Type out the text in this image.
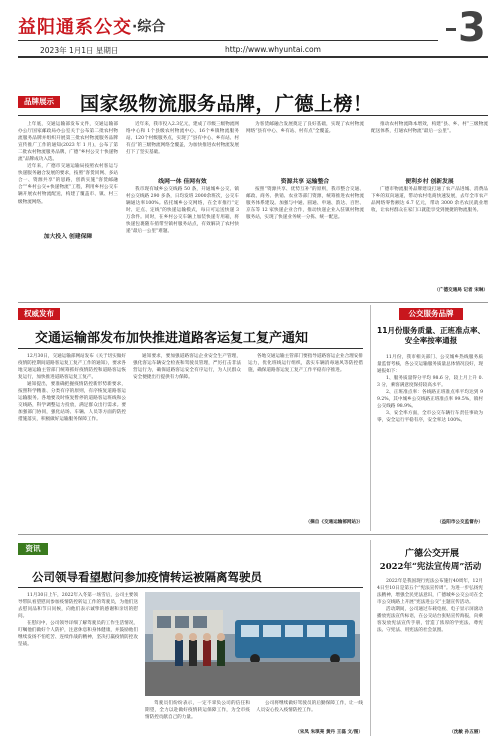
益阳通系公交 ·综合	3
2023年 1月1日 星期日	http://www.whyuntai.com
品牌展示	国家级物流服务品牌，广德上榜！

上年底，交通运输部发布文件，交通运输部办公厅国家邮政局办公室关于公布第二批农村物流服务品牌并组织开展第三批农村物流服务品牌宣传推广工作的通知(2023 年 1 月)，公布了第二批农村物流服务品牌，广德“乡村公交十快递物流”品牌成功入选。

近年来，广德市交通运输局按照农村客运与快递服务融合发展的要求，按照“客货同网、多站合一、资源共享”的思路，创新实施“客货邮融合”“乡村公交+快递物流”工程，利用乡村公交车辆开展农村物流配送，构建了覆盖市、镇、村三级物流网络。

加大投入 创建保障

近年来，我市投入2.3亿元，建成了市级三级物流网络中心和 1个县级农村物流中心、16个乡镇物流服务站、120个村级服务点，实现了“县有中心、乡有站、村有点”的三级物流网络全覆盖，为加快推进农村物流发展打下了坚实基础。

线网一体 佳网有效

我市现有城乡公交线路 50 条，开通城乡公交、镇村公交线路 290 多条，日均发班 2000余班次，公交车辆通达率100%。依托城乡公交网络，在全市推行“定时、定点、定线”的快递运输模式，每日可运送快递 3 万余件。同时，在乡村公交车辆上加装快递专用箱，将快递包裹随车捎带至镇村服务站点，有效解决了农村快递“最后一公里”难题。

资源共享 运输整合

为客货邮融合发展奠定了良好基础，实现了农村物流网络“县有中心、乡有站、村有点”全覆盖。

按照“资源共享、优势互补”的原则，我市整合交通、邮政、商务、供销、农业等部门资源，统筹推进农村物流服务体系建设。加强与中通、圆通、申通、韵达、百世、京东等 12 家快递企业合作，推动快递企业入驻镇村物流服务站，实现了快递业务统一分拣、统一配送。

推动农村物流降本增效，构建“县、乡、村”三级物流配送体系，打通农村物流“最后一公里”。

便利乡村 创新发展

广德市物流服务品牌建设打通了农产品进城、消费品下乡的双向通道，带动农村电商快速发展，去年全市农产品网络零售额达 6.7 亿元，带动 3000 余名农民就业增收，让农村群众在家门口就能享受到便捷的物流服务。

（广德交通局 记者 宋琳）
权威发布
交通运输部发布加快推进道路客运复工复产通知

12月30日，交通运输部网站发布《关于切实做好疫情防控期间道路客运复工复产工作的通知》，要求各地交通运输主管部门统筹抓好疫情防控和道路客运恢复运行，加快推进道路客运复工复产。

通知提出，要准确把握疫情防控新形势新要求，按照科学精准、分类有序的原则，有序恢复道路客运运输服务。各地要及时恢复暂停的道路客运班线和公交线路，科学调整运力投放，满足群众出行需求。要加强部门协同，强化站场、车辆、人员等方面的防控措施落实，积极做好运输服务保障工作。

通知要求，要加强道路客运企业安全生产管理，强化客运车辆安全检查和驾驶员管理，严厉打击非法营运行为，确保道路客运安全有序运行，为人民群众安全便捷出行提供有力保障。

各地交通运输主管部门要指导道路客运企业合理安排运力，优化班线运行组织，落实车辆消毒通风等防控措施，确保道路客运复工复产工作平稳有序推进。

（摘自《交通运输部网站》）
公交服务品牌
11月份服务质量、正班准点率、安全率按率通报

11月份，我市相关部门、公交城乡热线服务质量监督考核，各公交运输服务质量总体情况良好，现通报如下：

1、服务质量得分平均 98.6 分，较上月上升 0.3 分，乘客满意度保持较高水平。

2、正班准点率：各线路正班准点率平均达到 99.2%，其中城乡公交线路正班准点率 99.5%，镇村公交线路 98.9%。

3、安全率方面，全市公交车辆行车责任事故为零，安全运行平稳有序，安全率达 100%。

（益阳市公交监督办）
资讯
公司领导看望慰问参加疫情转运被隔离驾驶员

11月30日上午，2022年入冬第一场雪后，公司主要领导带队看望慰问参加疫情防控转运工作的驾驶员，为他们送去慰问品和节日问候，向他们表示诚挚的感谢和亲切的慰问。

在慰问中，公司领导详细了解驾驶员的工作生活情况，叮嘱他们做好个人防护，注意休息和身体健康，并鼓励他们继续发扬不怕吃苦、连续作战的精神，坚决打赢疫情防控攻坚战。

驾驶员们纷纷表示，一定不辜负公司的信任和期望，全力以赴做好疫情转运保障工作，为全市疫情防控贡献自己的力量。

公司将继续做好驾驶员的后勤保障工作，让一线人员安心投入疫情防控工作。

（宋凤 朱琪亮 黄丹 王磊 文/图）
广德公交开展
2022年“宪法宣传周”活动

2022年是我国现行宪法公布施行40周年，12月4日至10日是第五个“宪法宣传周”。为进一步弘扬宪法精神，增强全民宪法意识，广德城乡公交公司在全市公交线路上开展“宪法进公交”主题宣传活动。

活动期间，公司通过车载电视、电子显示屏滚动播放宪法宣传标语，在公交站台张贴宣传海报，向乘客发放宪法宣传手册，营造了浓厚的学宪法、尊宪法、守宪法、用宪法的社会氛围。

（沈敏 孙五丽）
